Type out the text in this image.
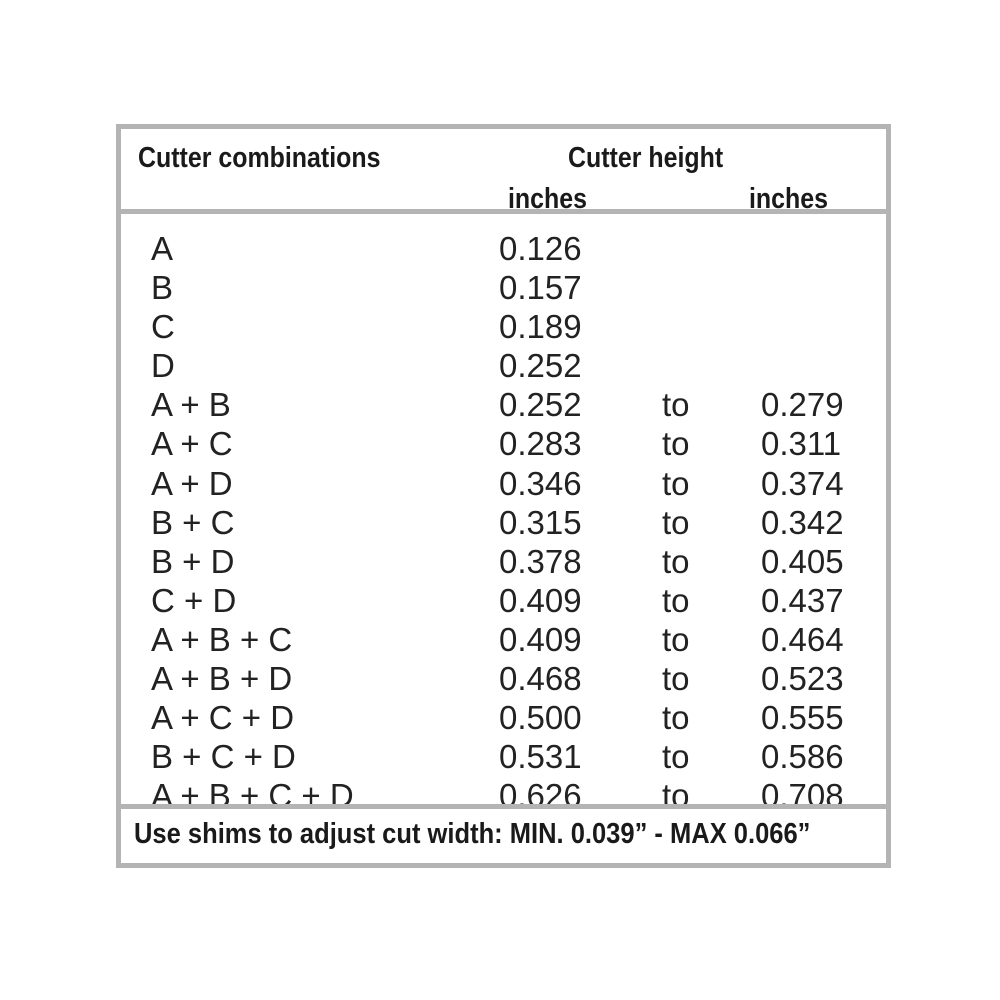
Cutter combinations	Cutter height
inches	inches
A	0.126
B	0.157
C	0.189
D	0.252
A + B	0.252 to 0.279
A + C	0.283 to 0.311
A + D	0.346 to 0.374
B + C	0.315 to 0.342
B + D	0.378 to 0.405
C + D	0.409 to 0.437
A + B + C	0.409 to 0.464
A + B + D	0.468 to 0.523
A + C + D	0.500 to 0.555
B + C + D	0.531 to 0.586
A + B + C + D	0.626 to 0.708
Use shims to adjust cut width: MIN. 0.039” - MAX 0.066”
